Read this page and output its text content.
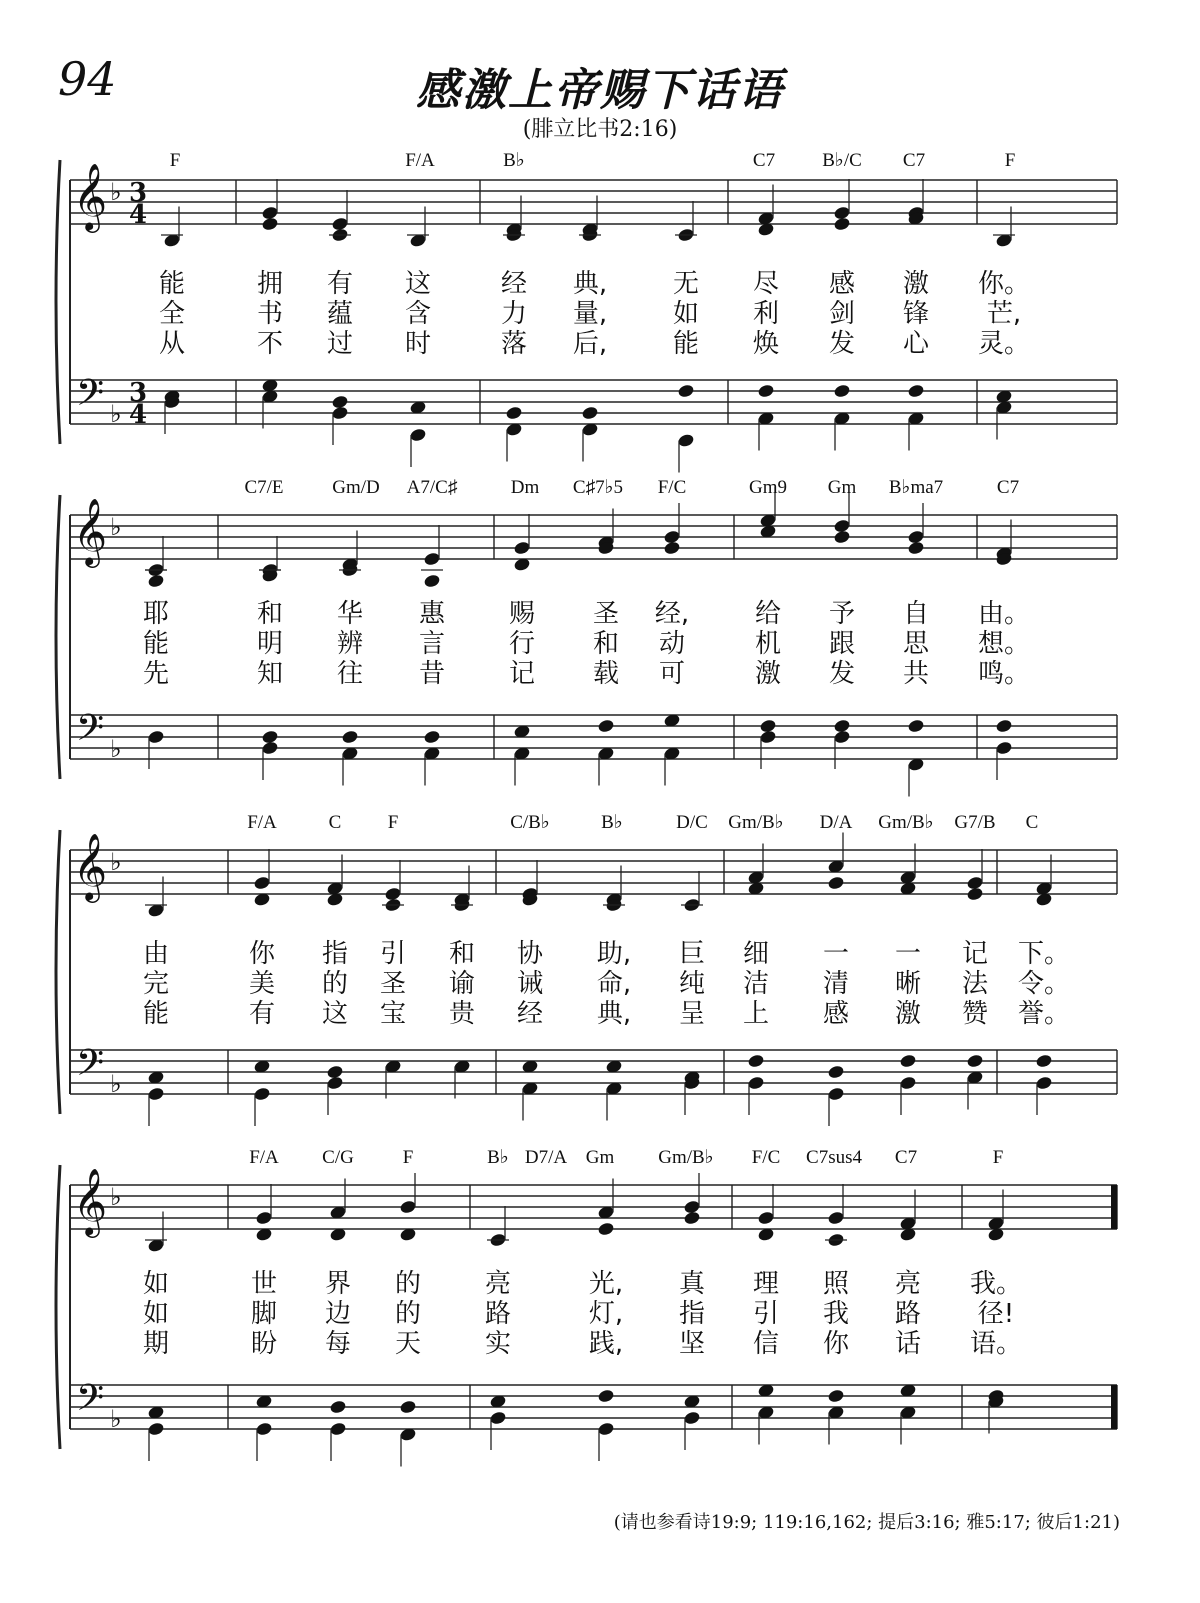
94	感激上帝赐下话语
(腓立比书2:16)
𝄞
𝄢
♭
♭
3
4
3
4
F	F/A	B♭	C7 B♭/C C7	F
能	拥 有 这	经 典,	无 尽 感 激 你。
全	书 蕴 含	力 量,	如 利 剑 锋 芒,
从	不 过 时	落 后,	能 焕 发 心 灵。
𝄞
𝄢
♭
♭
C7/E	Gm/D A7/C♯	Dm C♯7♭5 F/C	Gm9 Gm B♭ma7	C7
耶	和 华 惠 赐 圣 经,	给 予 自 由。
能	明 辨 言 行 和 动	机 跟 思 想。
先	知 往 昔 记 载 可	激 发 共 鸣。
𝄞
𝄢
♭
♭
F/A	C F	C/B♭	B♭	D/C Gm/B♭ D/A Gm/B♭ G7/B C
由	你 指 引 和 协 助, 巨 细 一 一 记 下。
完	美 的 圣 谕 诫 命, 纯 洁 清 晰 法 令。
能	有 这 宝 贵 经 典, 呈 上 感 激 赞 誉。
𝄞
𝄢
♭
♭
F/A C/G	F	B♭ D7/A Gm Gm/B♭ F/C C7sus4 C7	F
如	世 界 的 亮	光, 真 理 照 亮 我。
如	脚 边 的 路	灯, 指 引 我 路 径!
期	盼 每 天 实	践, 坚 信 你 话 语。
(请也参看诗19:9; 119:16,162; 提后3:16; 雅5:17; 彼后1:21)
